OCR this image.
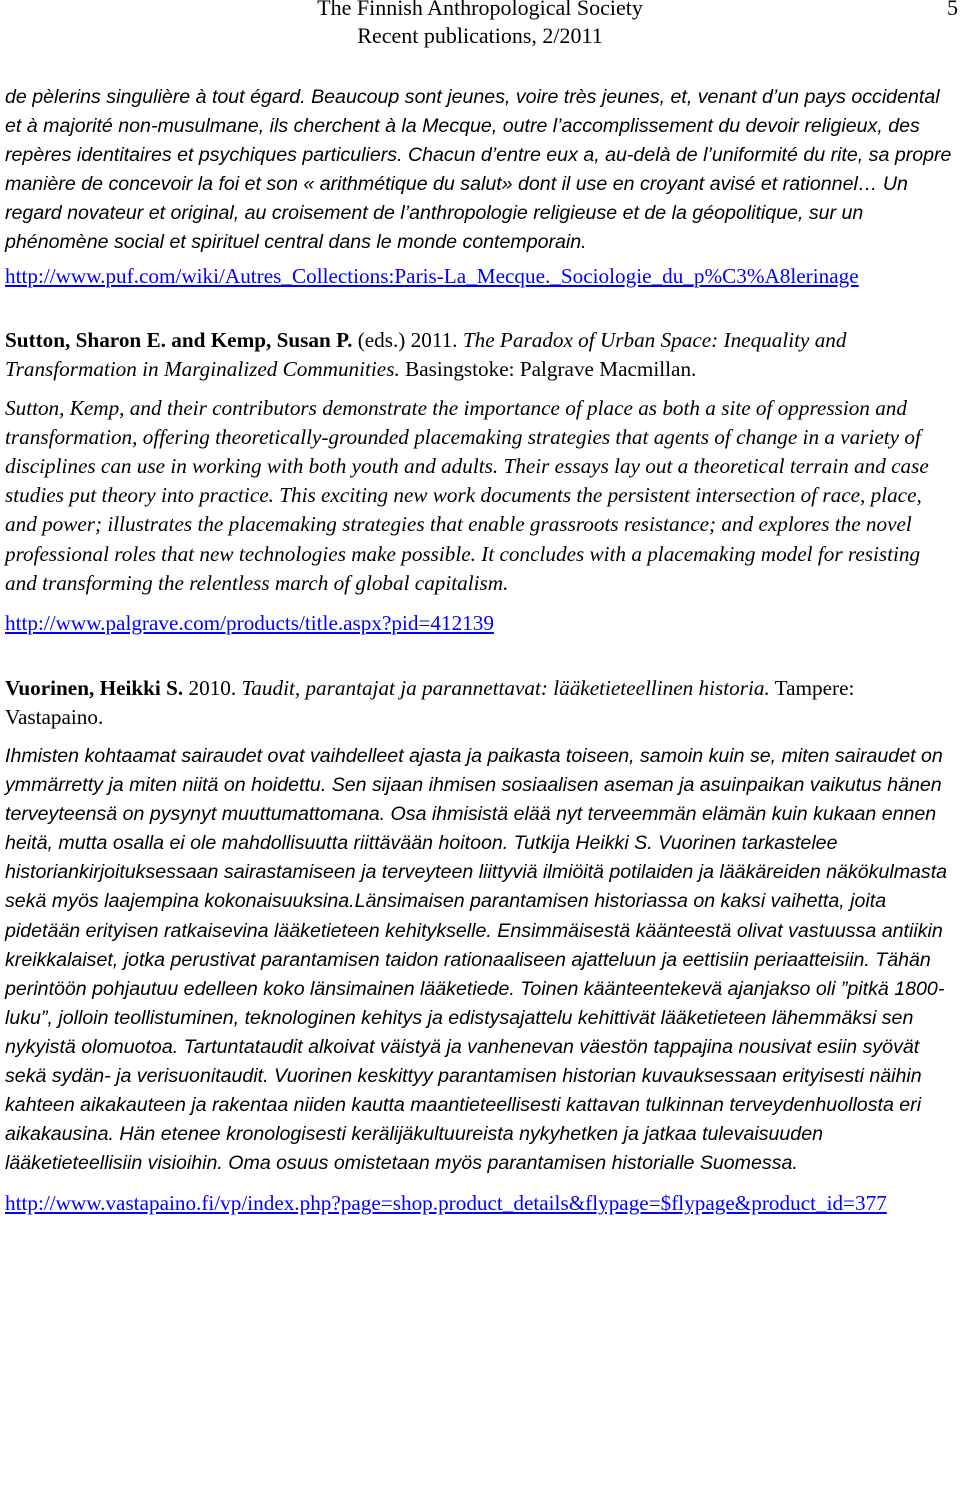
The Finnish Anthropological Society
Recent publications, 2/2011
5

de pèlerins singulière à tout égard. Beaucoup sont jeunes, voire très jeunes, et, venant d’un pays occidental et à majorité non-musulmane, ils cherchent à la Mecque, outre l’accomplissement du devoir religieux, des repères identitaires et psychiques particuliers. Chacun d’entre eux a, au-delà de l’uniformité du rite, sa propre manière de concevoir la foi et son « arithmétique du salut» dont il use en croyant avisé et rationnel… Un regard novateur et original, au croisement de l’anthropologie religieuse et de la géopolitique, sur un phénomène social et spirituel central dans le monde contemporain.

http://www.puf.com/wiki/Autres_Collections:Paris-La_Mecque._Sociologie_du_p%C3%A8lerinage

Sutton, Sharon E. and Kemp, Susan P. (eds.) 2011. The Paradox of Urban Space: Inequality and Transformation in Marginalized Communities. Basingstoke: Palgrave Macmillan.

Sutton, Kemp, and their contributors demonstrate the importance of place as both a site of oppression and transformation, offering theoretically-grounded placemaking strategies that agents of change in a variety of disciplines can use in working with both youth and adults. Their essays lay out a theoretical terrain and case studies put theory into practice. This exciting new work documents the persistent intersection of race, place, and power; illustrates the placemaking strategies that enable grassroots resistance; and explores the novel professional roles that new technologies make possible. It concludes with a placemaking model for resisting and transforming the relentless march of global capitalism.

http://www.palgrave.com/products/title.aspx?pid=412139

Vuorinen, Heikki S. 2010. Taudit, parantajat ja parannettavat: lääketieteellinen historia. Tampere: Vastapaino.

Ihmisten kohtaamat sairaudet ovat vaihdelleet ajasta ja paikasta toiseen, samoin kuin se, miten sairaudet on ymmärretty ja miten niitä on hoidettu. Sen sijaan ihmisen sosiaalisen aseman ja asuinpaikan vaikutus hänen terveyteensä on pysynyt muuttumattomana. Osa ihmisistä elää nyt terveemmän elämän kuin kukaan ennen heitä, mutta osalla ei ole mahdollisuutta riittävään hoitoon. Tutkija Heikki S. Vuorinen tarkastelee historiankirjoituksessaan sairastamiseen ja terveyteen liittyviä ilmiöitä potilaiden ja lääkäreiden näkökulmasta sekä myös laajempina kokonaisuuksina.Länsimaisen parantamisen historiassa on kaksi vaihetta, joita pidetään erityisen ratkaisevina lääketieteen kehitykselle. Ensimmäisestä käänteestä olivat vastuussa antiikin kreikkalaiset, jotka perustivat parantamisen taidon rationaaliseen ajatteluun ja eettisiin periaatteisiin. Tähän perintöön pohjautuu edelleen koko länsimainen lääketiede. Toinen käänteentekevä ajanjakso oli ”pitkä 1800-luku”, jolloin teollistuminen, teknologinen kehitys ja edistysajattelu kehittivät lääketieteen lähemmäksi sen nykyistä olomuotoa. Tartuntataudit alkoivat väistyä ja vanhenevan väestön tappajina nousivat esiin syövät sekä sydän- ja verisuonitaudit. Vuorinen keskittyy parantamisen historian kuvauksessaan erityisesti näihin kahteen aikakauteen ja rakentaa niiden kautta maantieteellisesti kattavan tulkinnan terveydenhuollosta eri aikakausina. Hän etenee kronologisesti kerälijäkultuureista nykyhetken ja jatkaa tulevaisuuden lääketieteellisiin visioihin. Oma osuus omistetaan myös parantamisen historialle Suomessa.

http://www.vastapaino.fi/vp/index.php?page=shop.product_details&flypage=$flypage&product_id=377
